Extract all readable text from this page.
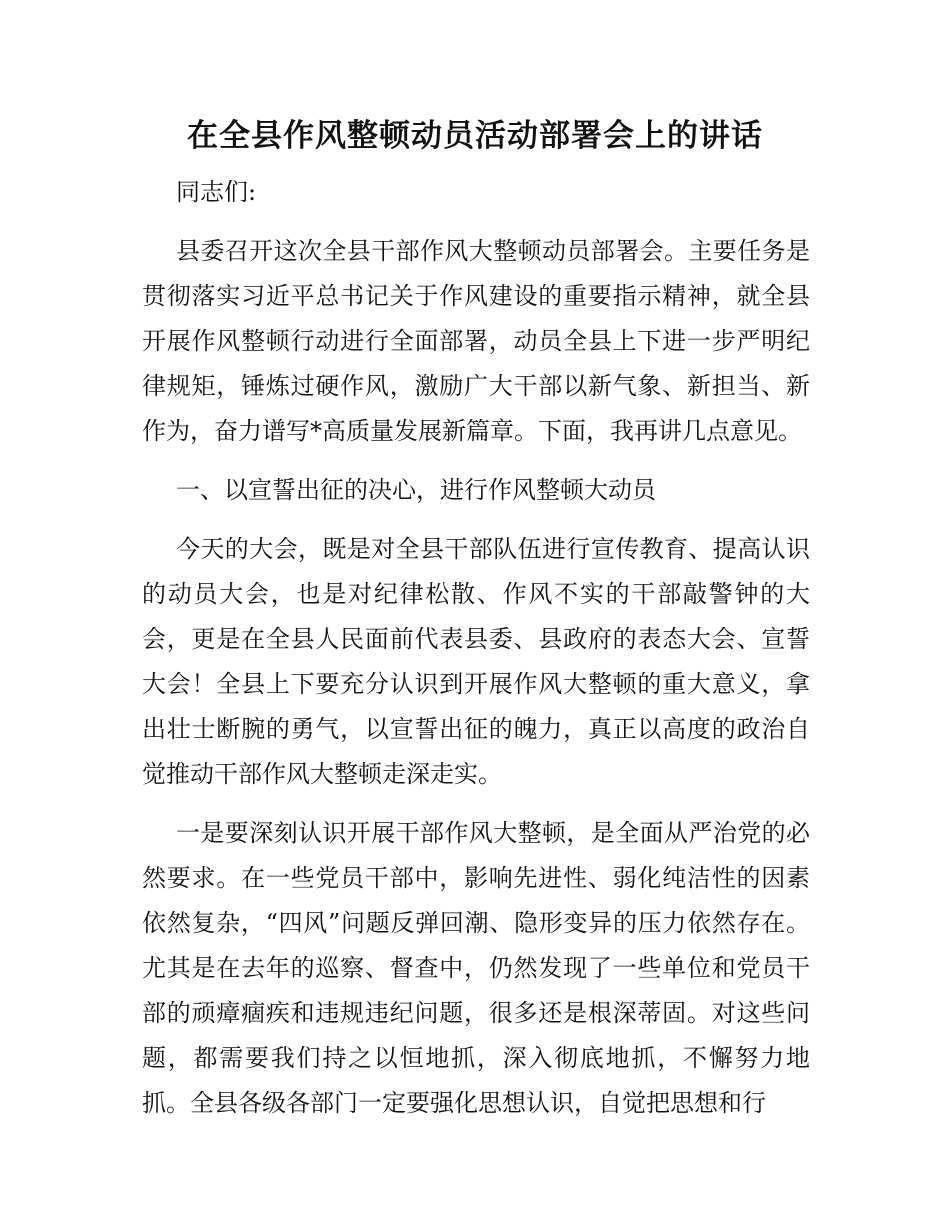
在全县作风整顿动员活动部署会上的讲话

同志们:

县委召开这次全县干部作风大整顿动员部署会。主要任务是贯彻落实习近平总书记关于作风建设的重要指示精神，就全县开展作风整顿行动进行全面部署，动员全县上下进一步严明纪律规矩，锤炼过硬作风，激励广大干部以新气象、新担当、新作为，奋力谱写*高质量发展新篇章。下面，我再讲几点意见。

一、以宣誓出征的决心，进行作风整顿大动员

今天的大会，既是对全县干部队伍进行宣传教育、提高认识的动员大会，也是对纪律松散、作风不实的干部敲警钟的大会，更是在全县人民面前代表县委、县政府的表态大会、宣誓大会！全县上下要充分认识到开展作风大整顿的重大意义，拿出壮士断腕的勇气，以宣誓出征的魄力，真正以高度的政治自觉推动干部作风大整顿走深走实。

一是要深刻认识开展干部作风大整顿，是全面从严治党的必然要求。在一些党员干部中，影响先进性、弱化纯洁性的因素依然复杂，“四风”问题反弹回潮、隐形变异的压力依然存在。尤其是在去年的巡察、督查中，仍然发现了一些单位和党员干部的顽瘴痼疾和违规违纪问题，很多还是根深蒂固。对这些问题，都需要我们持之以恒地抓，深入彻底地抓，不懈努力地抓。全县各级各部门一定要强化思想认识，自觉把思想和行
